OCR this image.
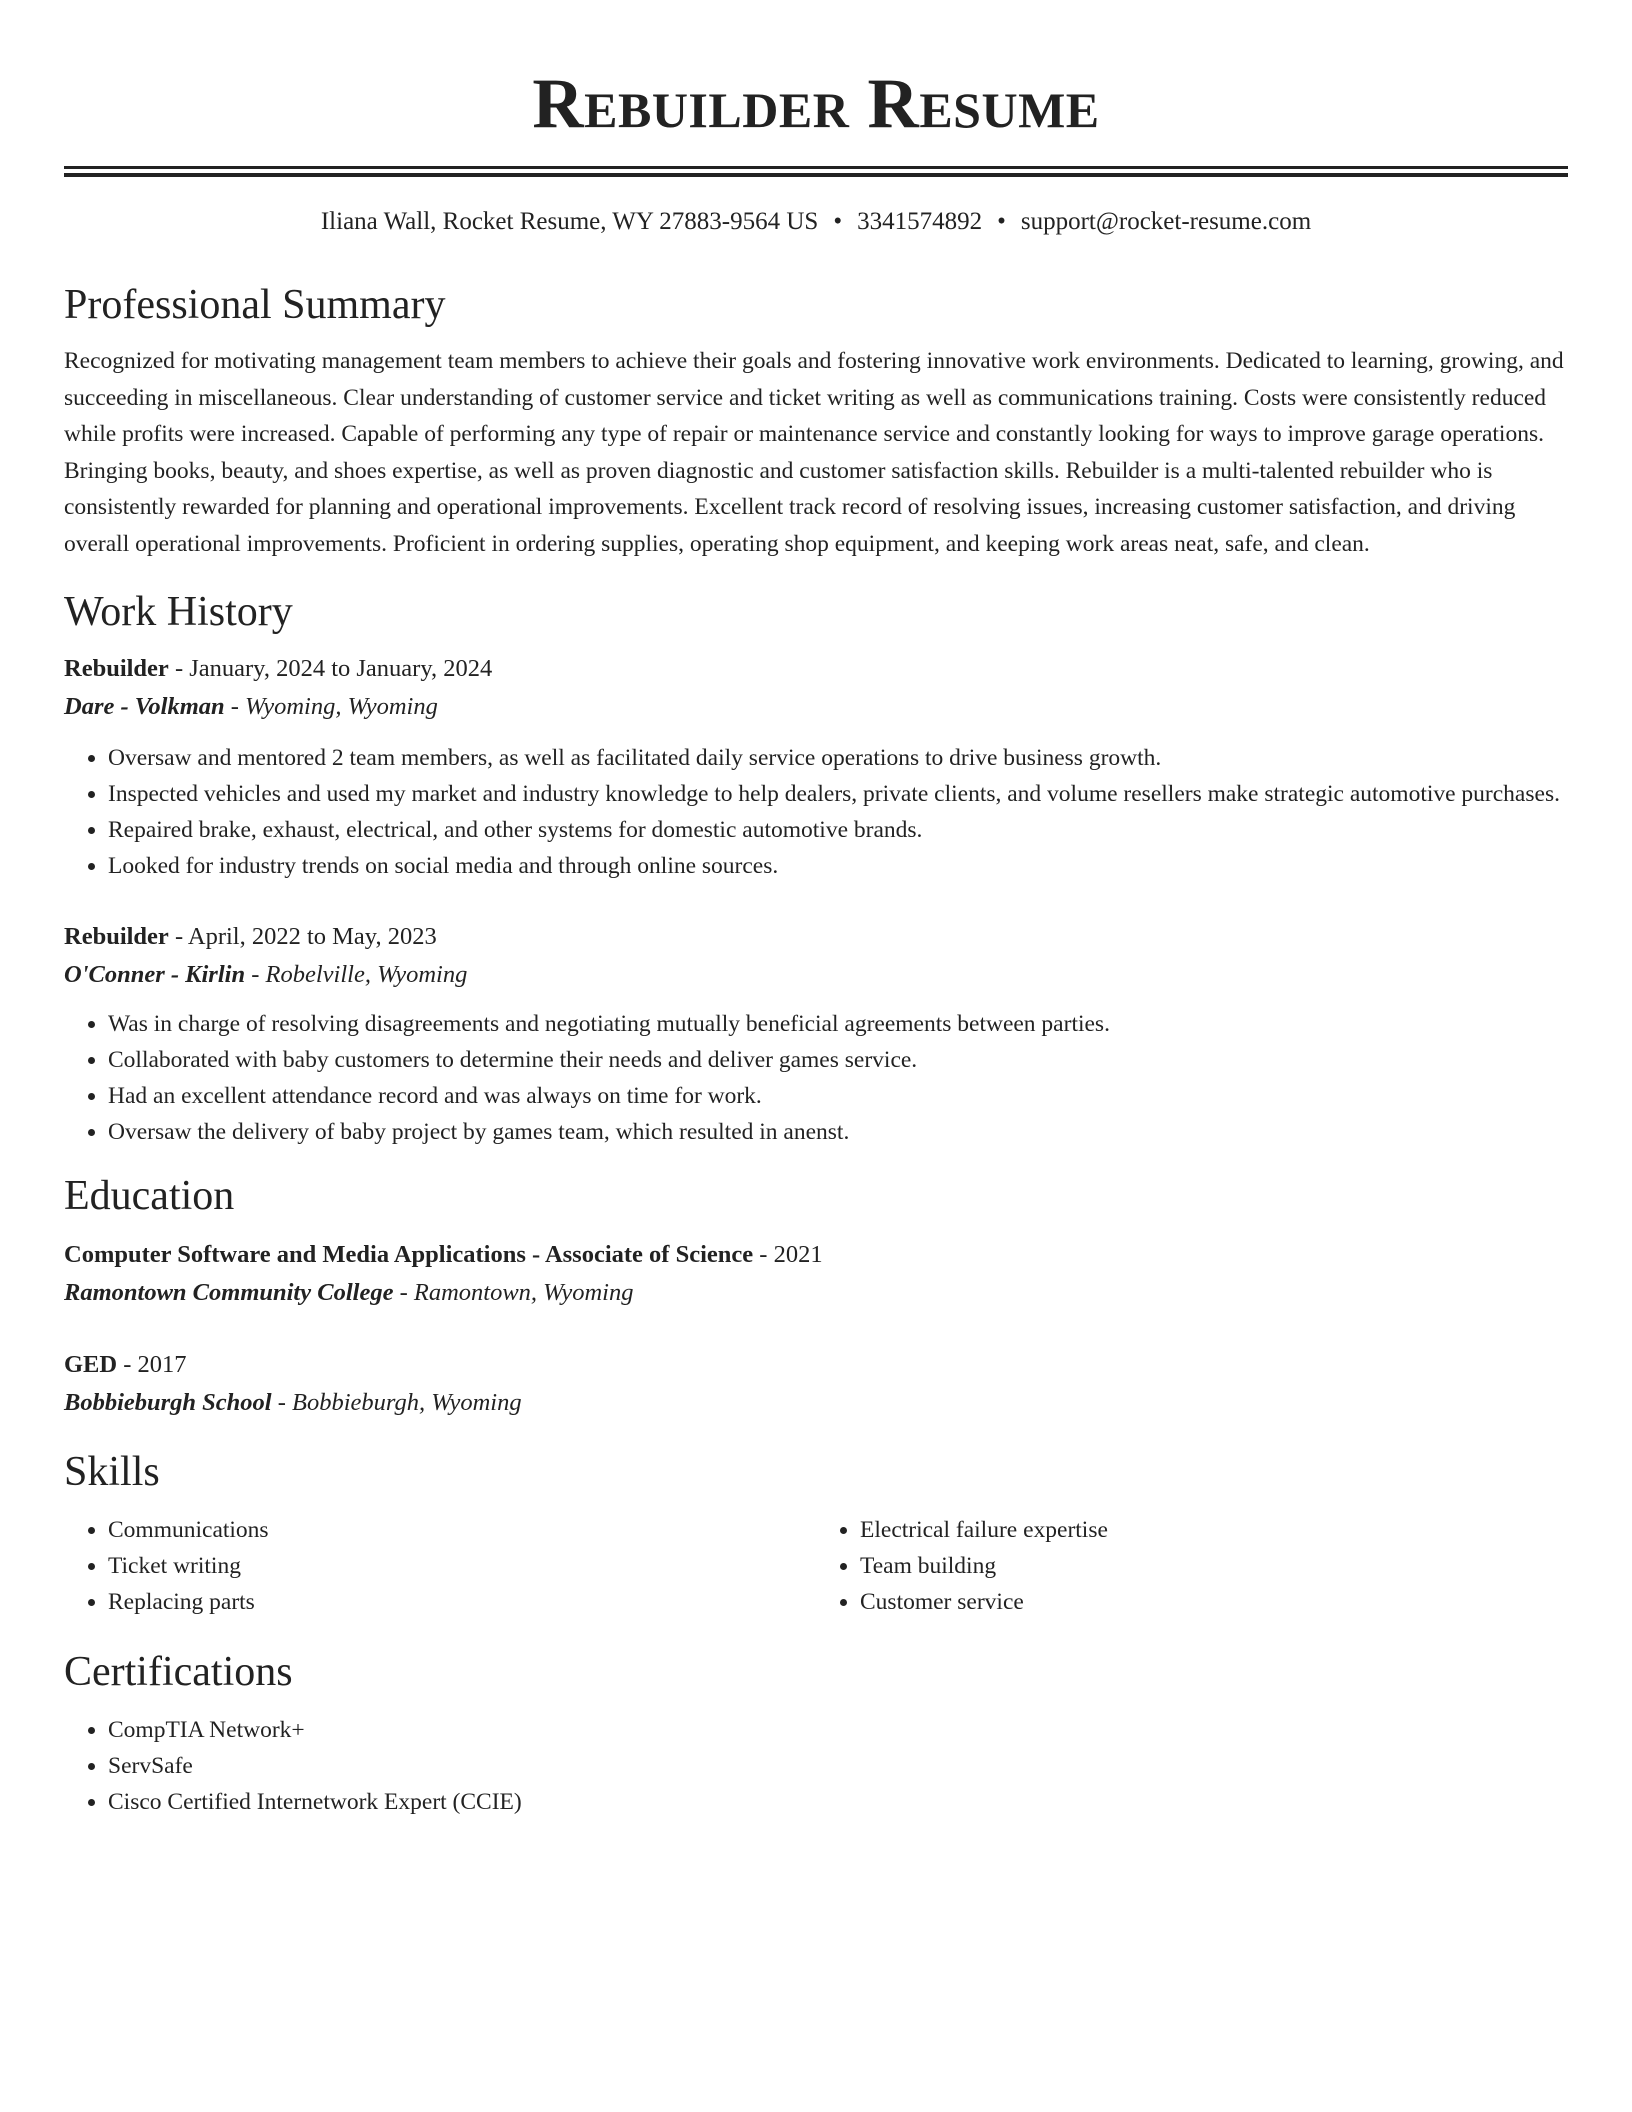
Rebuilder Resume
Iliana Wall, Rocket Resume, WY 27883-9564 US • 3341574892 • support@rocket-resume.com
Professional Summary

Recognized for motivating management team members to achieve their goals and fostering innovative work environments. Dedicated to learning, growing, and succeeding in miscellaneous. Clear understanding of customer service and ticket writing as well as communications training. Costs were consistently reduced while profits were increased. Capable of performing any type of repair or maintenance service and constantly looking for ways to improve garage operations. Bringing books, beauty, and shoes expertise, as well as proven diagnostic and customer satisfaction skills. Rebuilder is a multi-talented rebuilder who is consistently rewarded for planning and operational improvements. Excellent track record of resolving issues, increasing customer satisfaction, and driving overall operational improvements. Proficient in ordering supplies, operating shop equipment, and keeping work areas neat, safe, and clean.

Work History
Rebuilder - January, 2024 to January, 2024
Dare - Volkman - Wyoming, Wyoming
• Oversaw and mentored 2 team members, as well as facilitated daily service operations to drive business growth.
• Inspected vehicles and used my market and industry knowledge to help dealers, private clients, and volume resellers make strategic automotive purchases.
• Repaired brake, exhaust, electrical, and other systems for domestic automotive brands.
• Looked for industry trends on social media and through online sources.
Rebuilder - April, 2022 to May, 2023
O'Conner - Kirlin - Robelville, Wyoming
• Was in charge of resolving disagreements and negotiating mutually beneficial agreements between parties.
• Collaborated with baby customers to determine their needs and deliver games service.
• Had an excellent attendance record and was always on time for work.
• Oversaw the delivery of baby project by games team, which resulted in anenst.
Education
Computer Software and Media Applications - Associate of Science - 2021
Ramontown Community College - Ramontown, Wyoming
GED - 2017
Bobbieburgh School - Bobbieburgh, Wyoming
Skills
• Communications
• Ticket writing
• Replacing parts
• Electrical failure expertise
• Team building
• Customer service
Certifications
• CompTIA Network+
• ServSafe
• Cisco Certified Internetwork Expert (CCIE)
